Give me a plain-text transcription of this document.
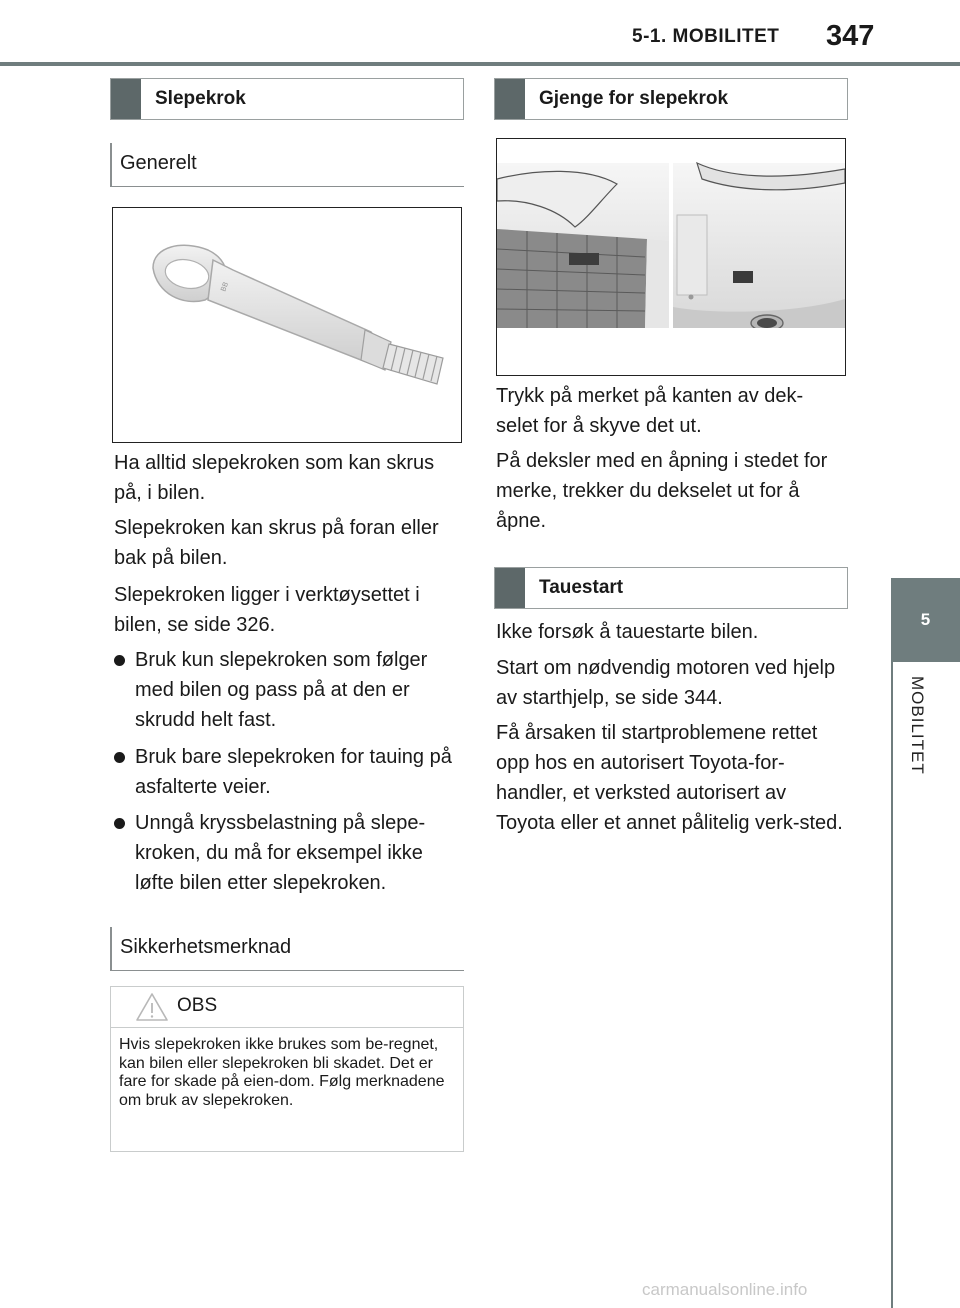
5-1. MOBILITET 347
5
MOBILITET
Slepekrok
Generelt
BB
Ha alltid slepekroken som kan skrus på, i bilen.
Slepekroken kan skrus på foran eller bak på bilen.
Slepekroken ligger i verktøysettet i bilen, se side 326.
Bruk kun slepekroken som følger med bilen og pass på at den er skrudd helt fast.
Bruk bare slepekroken for tauing på asfalterte veier.
Unngå kryssbelastning på slepe-kroken, du må for eksempel ikke løfte bilen etter slepekroken.
Sikkerhetsmerknad
OBS
Hvis slepekroken ikke brukes som be-regnet, kan bilen eller slepekroken bli skadet. Det er fare for skade på eien-dom. Følg merknadene om bruk av slepekroken.
Gjenge for slepekrok
Trykk på merket på kanten av dek-selet for å skyve det ut.
På deksler med en åpning i stedet for merke, trekker du dekselet ut for å åpne.
Tauestart
Ikke forsøk å tauestarte bilen.
Start om nødvendig motoren ved hjelp av starthjelp, se side 344.
Få årsaken til startproblemene rettet opp hos en autorisert Toyota-for-handler, et verksted autorisert av Toyota eller et annet pålitelig verk-sted.
carmanualsonline.info
